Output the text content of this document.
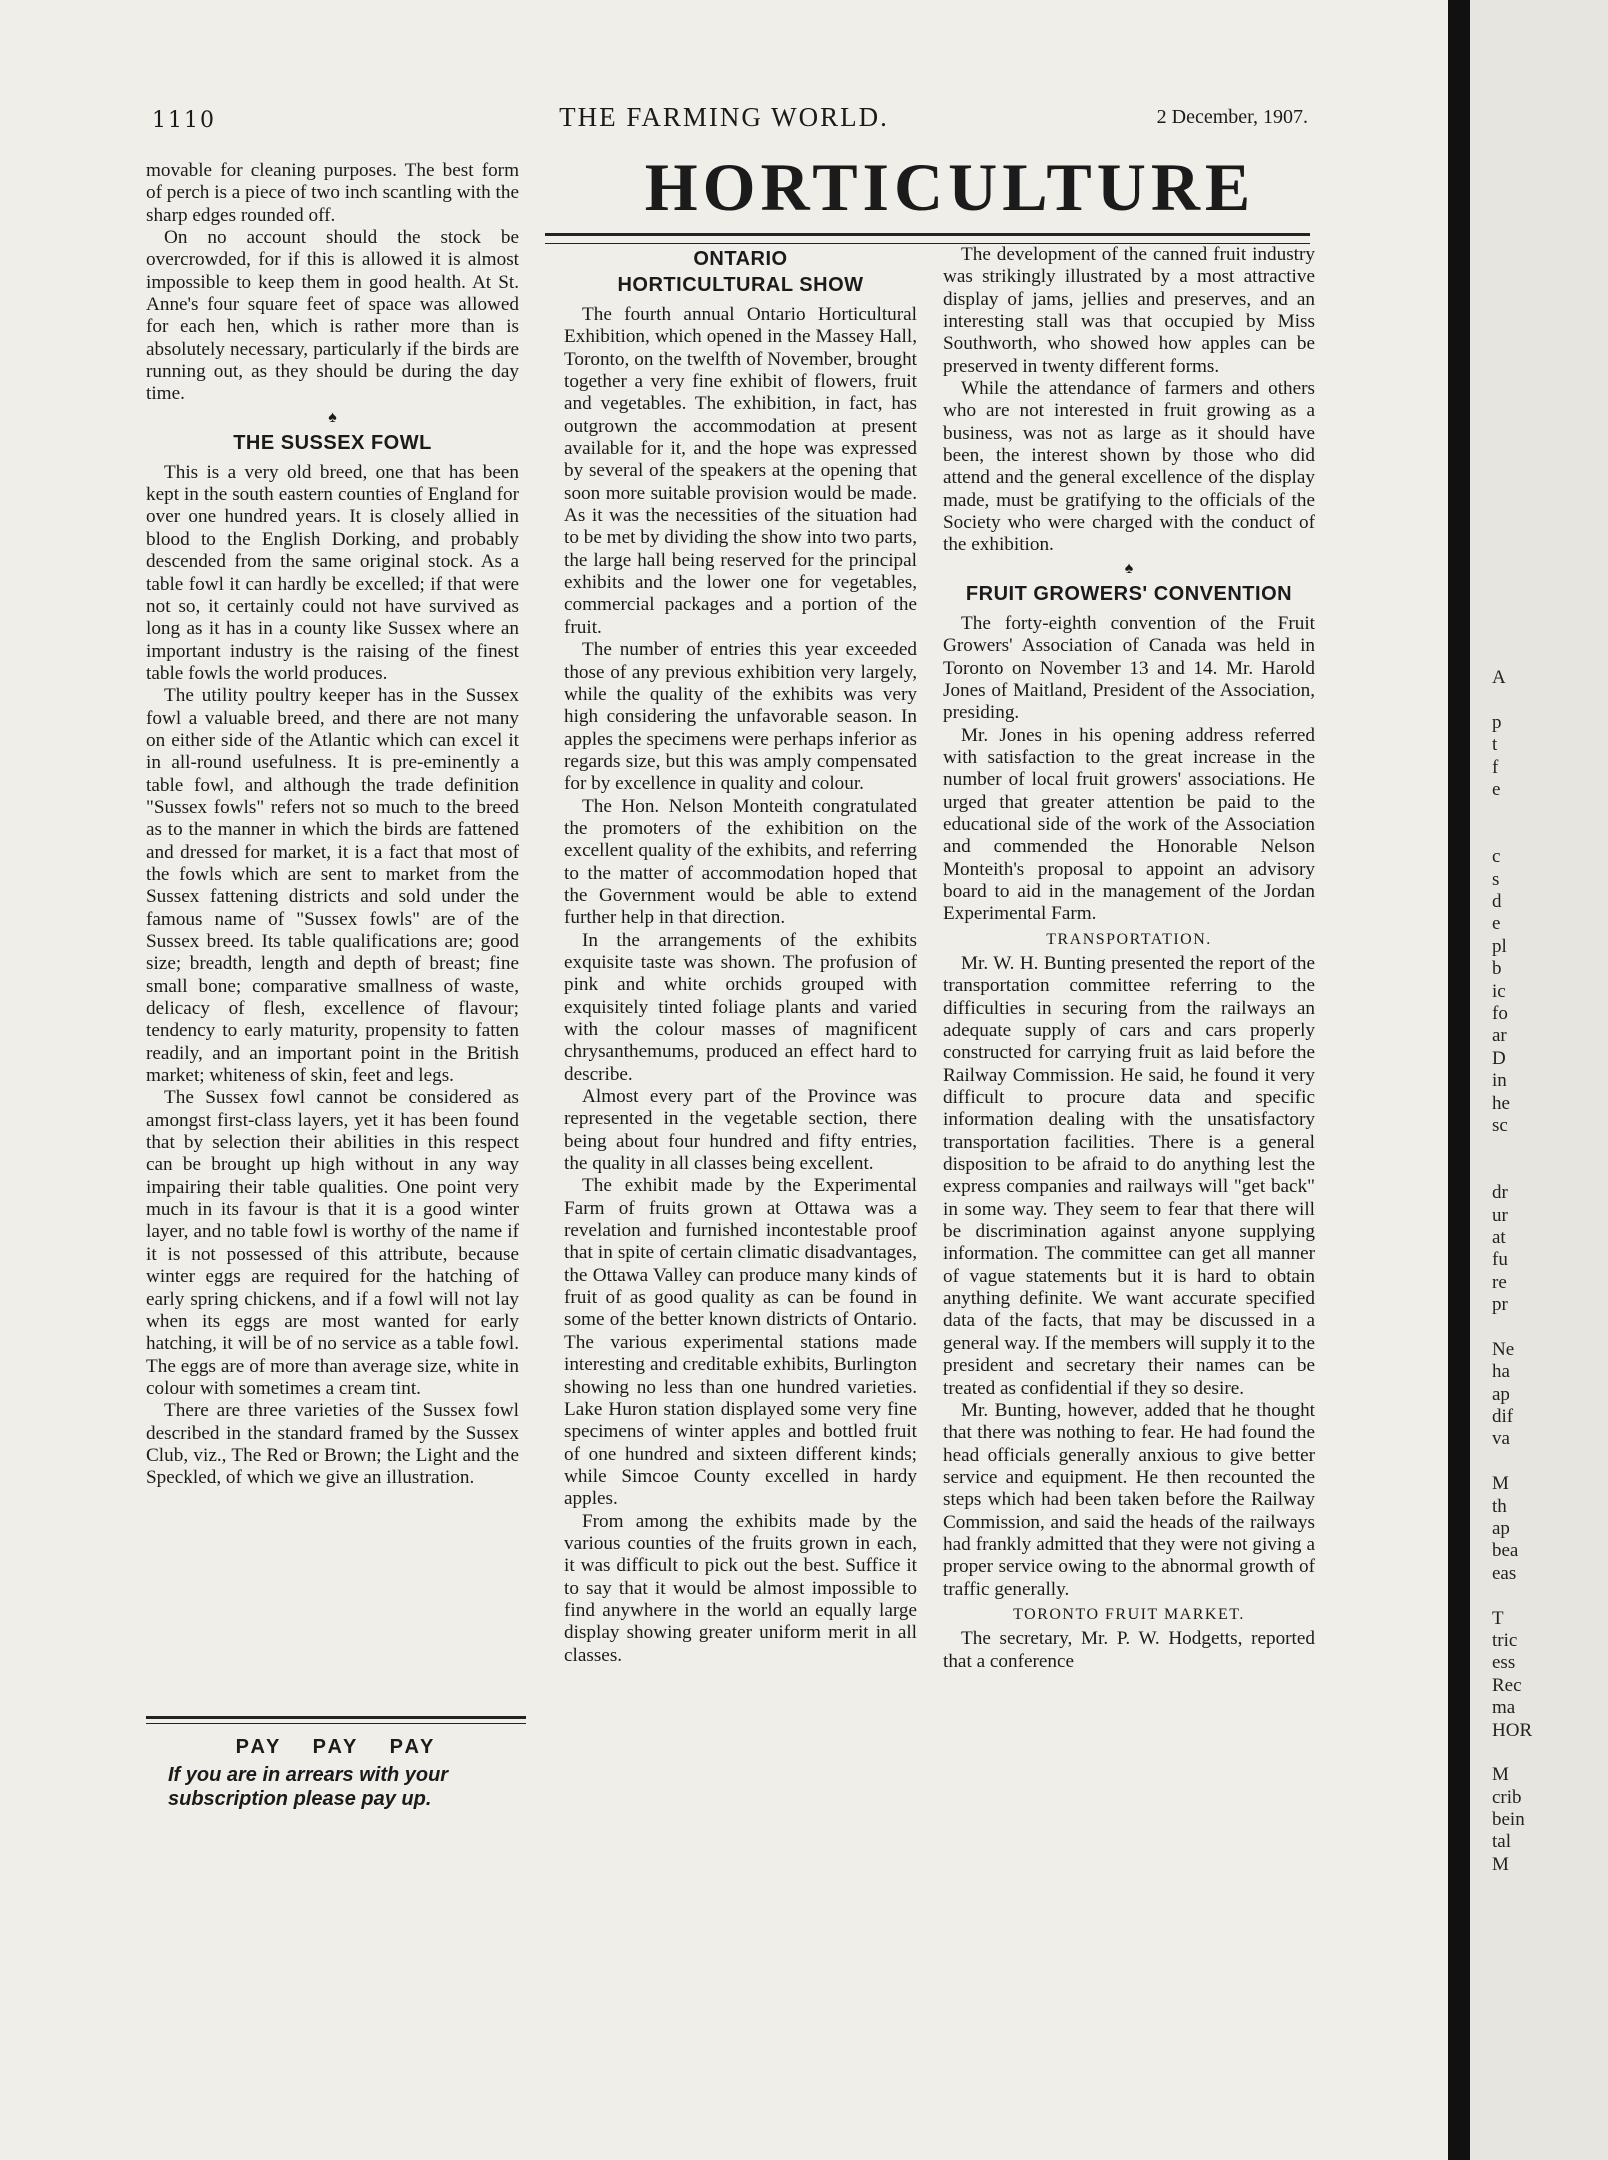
1110	THE FARMING WORLD.	2 December, 1907.
HORTICULTURE

movable for cleaning purposes. The best form of perch is a piece of two inch scantling with the sharp edges rounded off.

On no account should the stock be overcrowded, for if this is allowed it is almost impossible to keep them in good health. At St. Anne's four square feet of space was allowed for each hen, which is rather more than is absolutely necessary, particularly if the birds are running out, as they should be during the day time.

♠
THE SUSSEX FOWL

This is a very old breed, one that has been kept in the south eastern counties of England for over one hundred years. It is closely allied in blood to the English Dorking, and probably descended from the same original stock. As a table fowl it can hardly be excelled; if that were not so, it certainly could not have survived as long as it has in a county like Sussex where an important industry is the raising of the finest table fowls the world produces.

The utility poultry keeper has in the Sussex fowl a valuable breed, and there are not many on either side of the Atlantic which can excel it in all-round usefulness. It is pre-eminently a table fowl, and although the trade definition "Sussex fowls" refers not so much to the breed as to the manner in which the birds are fattened and dressed for market, it is a fact that most of the fowls which are sent to market from the Sussex fattening districts and sold under the famous name of "Sussex fowls" are of the Sussex breed. Its table qualifications are; good size; breadth, length and depth of breast; fine small bone; comparative smallness of waste, delicacy of flesh, excellence of flavour; tendency to early maturity, propensity to fatten readily, and an important point in the British market; whiteness of skin, feet and legs.

The Sussex fowl cannot be considered as amongst first-class layers, yet it has been found that by selection their abilities in this respect can be brought up high without in any way impairing their table qualities. One point very much in its favour is that it is a good winter layer, and no table fowl is worthy of the name if it is not possessed of this attribute, because winter eggs are required for the hatching of early spring chickens, and if a fowl will not lay when its eggs are most wanted for early hatching, it will be of no service as a table fowl. The eggs are of more than average size, white in colour with sometimes a cream tint.

There are three varieties of the Sussex fowl described in the standard framed by the Sussex Club, viz., The Red or Brown; the Light and the Speckled, of which we give an illustration.

PAY PAY PAY
If you are in arrears with your subscription please pay up.
ONTARIO HORTICULTURAL SHOW

The fourth annual Ontario Horticultural Exhibition, which opened in the Massey Hall, Toronto, on the twelfth of November, brought together a very fine exhibit of flowers, fruit and vegetables. The exhibition, in fact, has outgrown the accommodation at present available for it, and the hope was expressed by several of the speakers at the opening that soon more suitable provision would be made. As it was the necessities of the situation had to be met by dividing the show into two parts, the large hall being reserved for the principal exhibits and the lower one for vegetables, commercial packages and a portion of the fruit.

The number of entries this year exceeded those of any previous exhibition very largely, while the quality of the exhibits was very high considering the unfavorable season. In apples the specimens were perhaps inferior as regards size, but this was amply compensated for by excellence in quality and colour.

The Hon. Nelson Monteith congratulated the promoters of the exhibition on the excellent quality of the exhibits, and referring to the matter of accommodation hoped that the Government would be able to extend further help in that direction.

In the arrangements of the exhibits exquisite taste was shown. The profusion of pink and white orchids grouped with exquisitely tinted foliage plants and varied with the colour masses of magnificent chrysanthemums, produced an effect hard to describe.

Almost every part of the Province was represented in the vegetable section, there being about four hundred and fifty entries, the quality in all classes being excellent.

The exhibit made by the Experimental Farm of fruits grown at Ottawa was a revelation and furnished incontestable proof that in spite of certain climatic disadvantages, the Ottawa Valley can produce many kinds of fruit of as good quality as can be found in some of the better known districts of Ontario. The various experimental stations made interesting and creditable exhibits, Burlington showing no less than one hundred varieties. Lake Huron station displayed some very fine specimens of winter apples and bottled fruit of one hundred and sixteen different kinds; while Simcoe County excelled in hardy apples.

From among the exhibits made by the various counties of the fruits grown in each, it was difficult to pick out the best. Suffice it to say that it would be almost impossible to find anywhere in the world an equally large display showing greater uniform merit in all classes.

The development of the canned fruit industry was strikingly illustrated by a most attractive display of jams, jellies and preserves, and an interesting stall was that occupied by Miss Southworth, who showed how apples can be preserved in twenty different forms.

While the attendance of farmers and others who are not interested in fruit growing as a business, was not as large as it should have been, the interest shown by those who did attend and the general excellence of the display made, must be gratifying to the officials of the Society who were charged with the conduct of the exhibition.

♠
FRUIT GROWERS' CONVENTION

The forty-eighth convention of the Fruit Growers' Association of Canada was held in Toronto on November 13 and 14. Mr. Harold Jones of Maitland, President of the Association, presiding.

Mr. Jones in his opening address referred with satisfaction to the great increase in the number of local fruit growers' associations. He urged that greater attention be paid to the educational side of the work of the Association and commended the Honorable Nelson Monteith's proposal to appoint an advisory board to aid in the management of the Jordan Experimental Farm.

TRANSPORTATION.

Mr. W. H. Bunting presented the report of the transportation committee referring to the difficulties in securing from the railways an adequate supply of cars and cars properly constructed for carrying fruit as laid before the Railway Commission. He said, he found it very difficult to procure data and specific information dealing with the unsatisfactory transportation facilities. There is a general disposition to be afraid to do anything lest the express companies and railways will "get back" in some way. They seem to fear that there will be discrimination against anyone supplying information. The committee can get all manner of vague statements but it is hard to obtain anything definite. We want accurate specified data of the facts, that may be discussed in a general way. If the members will supply it to the president and secretary their names can be treated as confidential if they so desire.

Mr. Bunting, however, added that he thought that there was nothing to fear. He had found the head officials generally anxious to give better service and equipment. He then recounted the steps which had been taken before the Railway Commission, and said the heads of the railways had frankly admitted that they were not giving a proper service owing to the abnormal growth of traffic generally.

TORONTO FRUIT MARKET.

The secretary, Mr. P. W. Hodgetts, reported that a conference

A
p
t
f
e
c
s
d
e
pl
b
ic
fo
ar
D
in
he
sc
dr
ur
at
fu
re
pr
Ne
ha
ap
dif
va
M
th
ap
bea
eas
T
tric
ess
Rec
ma
HOR
M
crib
bein
tal
M
